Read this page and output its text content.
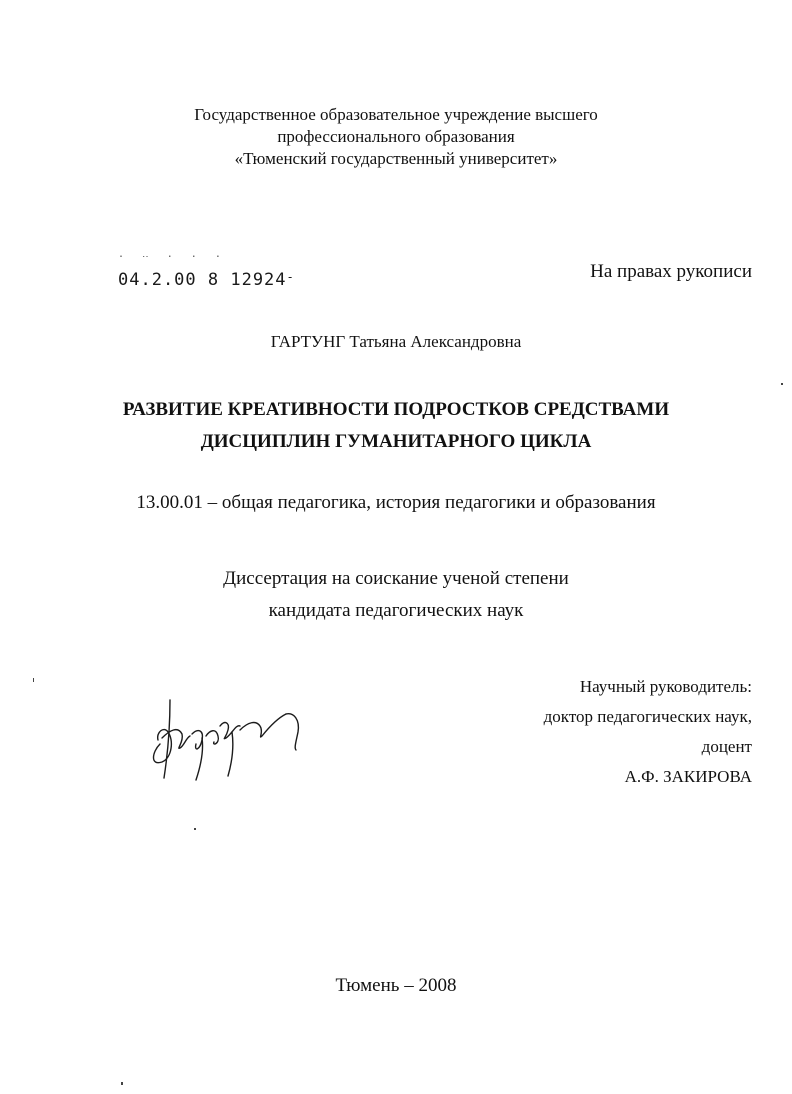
Государственное образовательное учреждение высшего
профессионального образования
«Тюменский государственный университет»
. ‥ . . .
04.2.00 8 12924-	На правах рукописи
ГАРТУНГ Татьяна Александровна
РАЗВИТИЕ КРЕАТИВНОСТИ ПОДРОСТКОВ СРЕДСТВАМИ
ДИСЦИПЛИН ГУМАНИТАРНОГО ЦИКЛА
13.00.01 – общая педагогика, история педагогики и образования
Диссертация на соискание ученой степени
кандидата педагогических наук
Научный руководитель:
доктор педагогических наук,
доцент
А.Ф. ЗАКИРОВА
Тюмень – 2008
